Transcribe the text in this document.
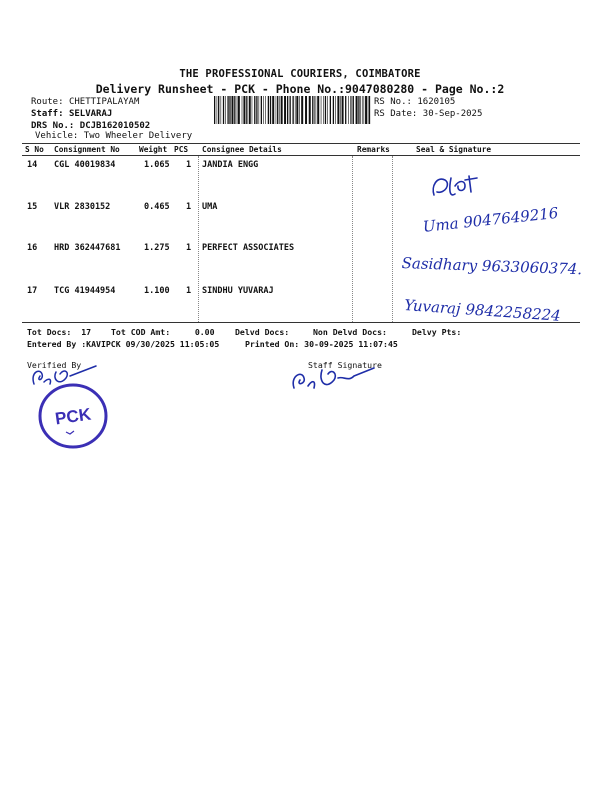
THE PROFESSIONAL COURIERS, COIMBATORE
Delivery Runsheet - PCK - Phone No.:9047080280 - Page No.:2
Route: CHETTIPALAYAM
Staff: SELVARAJ
DRS No.: DCJB162010502
Vehicle: Two Wheeler Delivery
RS No.: 1620105
RS Date: 30-Sep-2025
S No Consignment No Weight PCS Consignee Details	Remarks	Seal & Signature
14 CGL 40019834	1.065 1 JANDIA ENGG
15 VLR 2830152	0.465 1 UMA	Uma 9047649216
16 HRD 362447681	1.275 1 PERFECT ASSOCIATES
Sasidhary 9633060374.
17 TCG 41944954	1.100 1 SINDHU YUVARAJ
Yuvaraj 9842258224
Tot Docs: 17 Tot COD Amt:	0.00 Delvd Docs:	Non Delvd Docs:	Delvy Pts:
Entered By :KAVIPCK 09/30/2025 11:05:05	Printed On: 30-09-2025 11:07:45
Verified By	Staff Signature
PCK
